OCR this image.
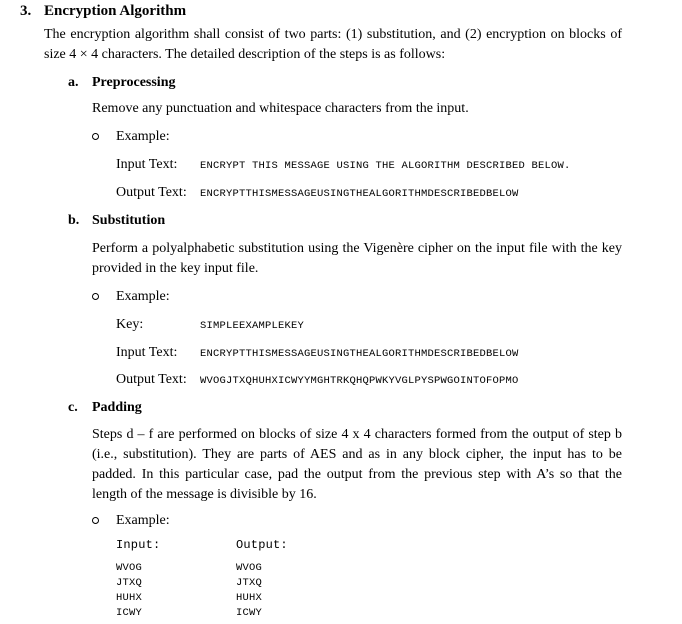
3. Encryption Algorithm
The encryption algorithm shall consist of two parts: (1) substitution, and (2) encryption on blocks of size 4 × 4 characters. The detailed description of the steps is as follows:
a. Preprocessing
Remove any punctuation and whitespace characters from the input.
Example:
Input Text: ENCRYPT THIS MESSAGE USING THE ALGORITHM DESCRIBED BELOW.
Output Text: ENCRYPTTHISMESSAGEUSINGTHEALGORITHMDESCRIBEDBELOW
b. Substitution
Perform a polyalphabetic substitution using the Vigenère cipher on the input file with the key provided in the key input file.
Example:
Key:	SIMPLEEXAMPLEKEY
Input Text: ENCRYPTTHISMESSAGEUSINGTHEALGORITHMDESCRIBEDBELOW
Output Text: WVOGJTXQHUHXICWYYMGHTRKQHQPWKYVGLPYSPWGOINTOFOPMO
c. Padding
Steps d – f are performed on blocks of size 4 x 4 characters formed from the output of step b (i.e., substitution). They are parts of AES and as in any block cipher, the input has to be padded. In this particular case, pad the output from the previous step with A’s so that the length of the message is divisible by 16.
Example:
Input:	Output:
WVOG
JTXQ
HUHX
ICWY
WVOG
JTXQ
HUHX
ICWY
